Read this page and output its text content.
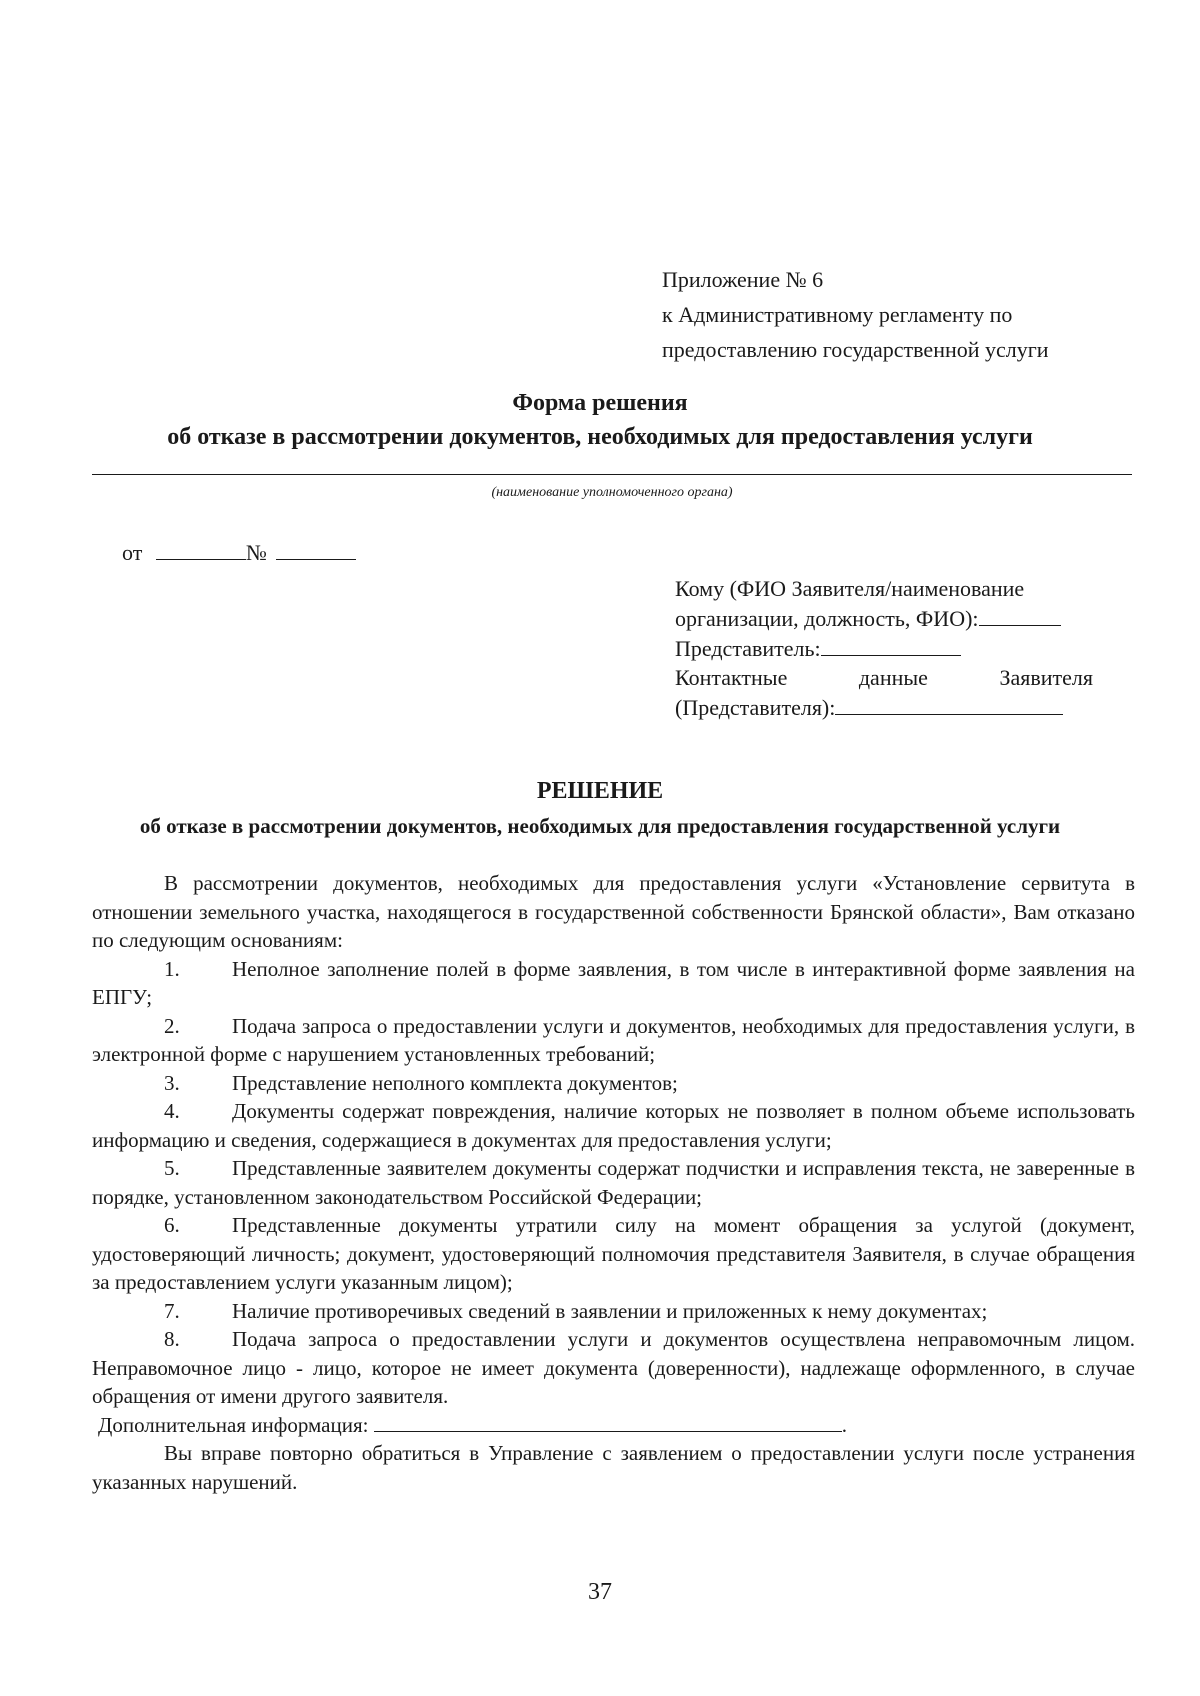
Приложение № 6
к Административному регламенту по
предоставлению государственной услуги
Форма решения
об отказе в рассмотрении документов, необходимых для предоставления услуги
(наименование уполномоченного органа)
от	№
Кому (ФИО Заявителя/наименование
организации, должность, ФИО):
Представитель:
Контактные	данные	Заявителя
(Представителя):
РЕШЕНИЕ
об отказе в рассмотрении документов, необходимых для предоставления государственной услуги

В рассмотрении документов, необходимых для предоставления услуги «Установление сервитута в отношении земельного участка, находящегося в государственной собственности Брянской области», Вам отказано по следующим основаниям:

1. Неполное заполнение полей в форме заявления, в том числе в интерактивной форме заявления на ЕПГУ;
2. Подача запроса о предоставлении услуги и документов, необходимых для предоставления услуги, в электронной форме с нарушением установленных требований;
3. Представление неполного комплекта документов;
4. Документы содержат повреждения, наличие которых не позволяет в полном объеме использовать информацию и сведения, содержащиеся в документах для предоставления услуги;
5. Представленные заявителем документы содержат подчистки и исправления текста, не заверенные в порядке, установленном законодательством Российской Федерации;
6. Представленные документы утратили силу на момент обращения за услугой (документ, удостоверяющий личность; документ, удостоверяющий полномочия представителя Заявителя, в случае обращения за предоставлением услуги указанным лицом);
7. Наличие противоречивых сведений в заявлении и приложенных к нему документах;
8. Подача запроса о предоставлении услуги и документов осуществлена неправомочным лицом. Неправомочное лицо - лицо, которое не имеет документа (доверенности), надлежаще оформленного, в случае обращения от имени другого заявителя.
Дополнительная информация:	.

Вы вправе повторно обратиться в Управление с заявлением о предоставлении услуги после устранения указанных нарушений.

37
